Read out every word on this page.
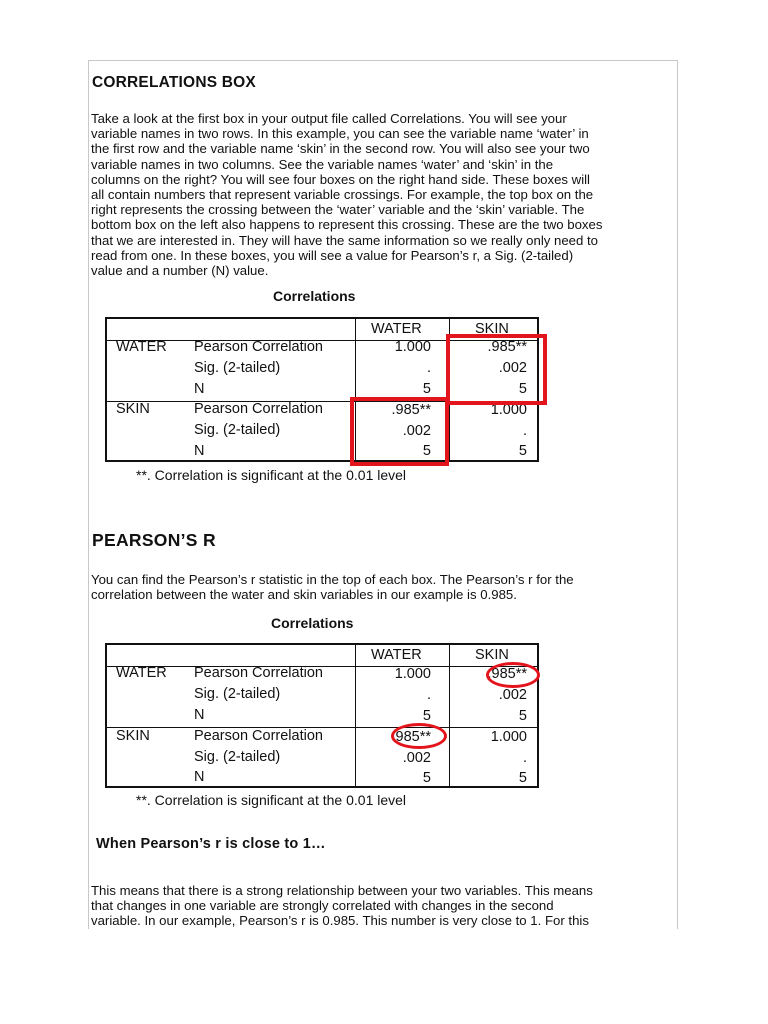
CORRELATIONS BOX
Take a look at the first box in your output file called Correlations. You will see your
variable names in two rows. In this example, you can see the variable name ‘water’ in
the first row and the variable name ‘skin’ in the second row. You will also see your two
variable names in two columns. See the variable names ‘water’ and ‘skin’ in the
columns on the right? You will see four boxes on the right hand side. These boxes will
all contain numbers that represent variable crossings. For example, the top box on the
right represents the crossing between the ‘water’ variable and the ‘skin’ variable. The
bottom box on the left also happens to represent this crossing. These are the two boxes
that we are interested in. They will have the same information so we really only need to
read from one. In these boxes, you will see a value for Pearson’s r, a Sig. (2-tailed)
value and a number (N) value.
Correlations
WATER	SKIN
WATER Pearson Correlation	1.000	.985**
Sig. (2-tailed)	.	.002
N	5	5
SKIN	Pearson Correlation	.985**	1.000
Sig. (2-tailed)	.002	.
N	5	5
**. Correlation is significant at the 0.01 level
PEARSON’S R
You can find the Pearson’s r statistic in the top of each box. The Pearson’s r for the
correlation between the water and skin variables in our example is 0.985.
Correlations
WATER	SKIN
WATER Pearson Correlation	1.000	.985**
Sig. (2-tailed)	.	.002
N	5	5
SKIN	Pearson Correlation	.985**	1.000
Sig. (2-tailed)	.002	.
N	5	5
**. Correlation is significant at the 0.01 level
When Pearson’s r is close to 1…
This means that there is a strong relationship between your two variables. This means
that changes in one variable are strongly correlated with changes in the second
variable. In our example, Pearson’s r is 0.985. This number is very close to 1. For this
